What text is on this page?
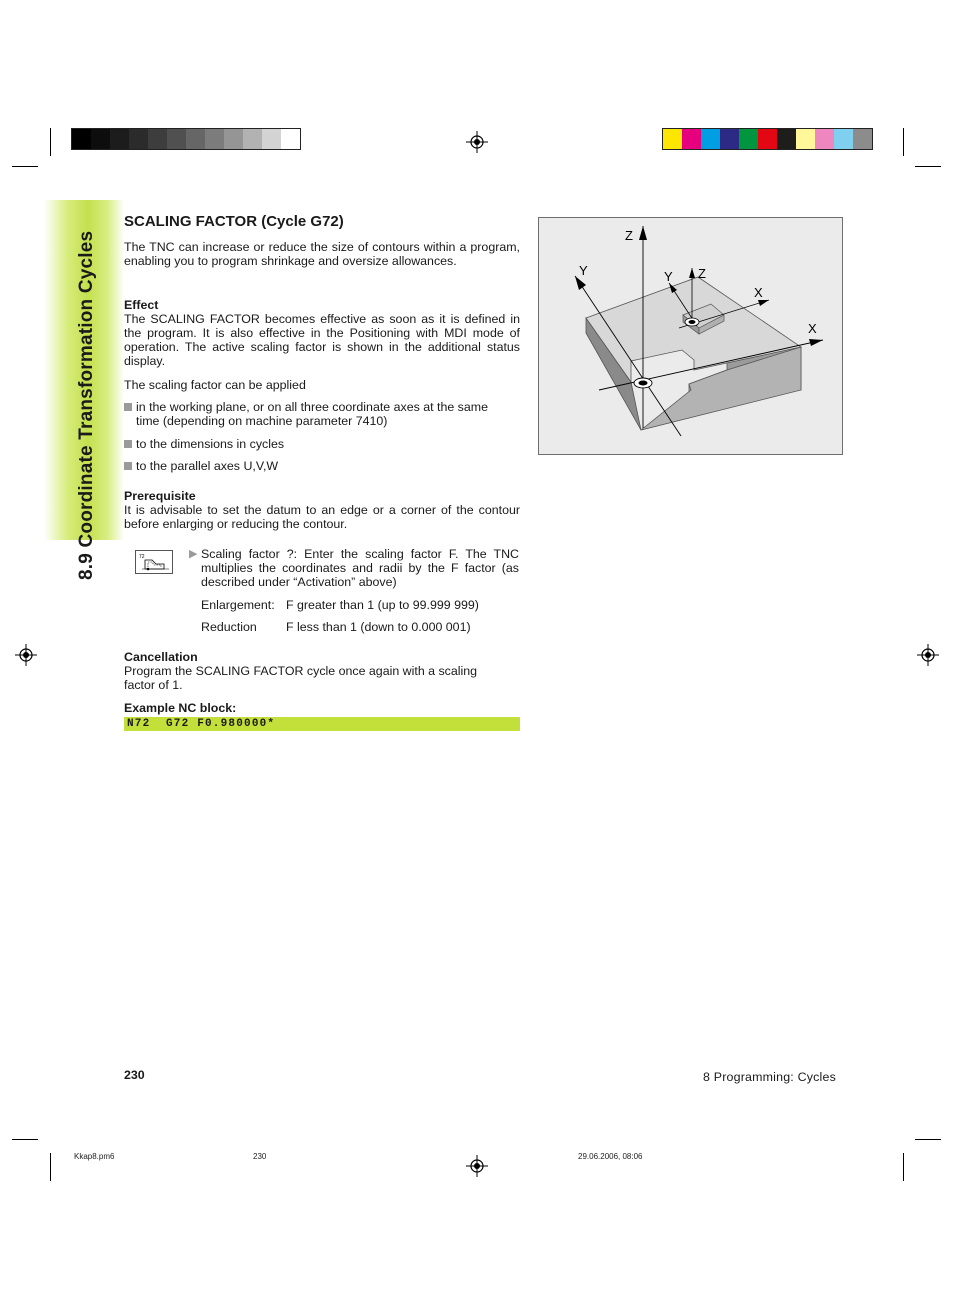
8.9 Coordinate Transformation Cycles
SCALING FACTOR (Cycle G72)
The TNC can increase or reduce the size of contours within a program, enabling you to program shrinkage and oversize allowances.
Effect
The SCALING FACTOR becomes effective as soon as it is defined in the program. It is also effective in the Positioning with MDI mode of operation. The active scaling factor is shown in the additional status display.
The scaling factor can be applied
in the working plane, or on all three coordinate axes at the same
time (depending on machine parameter 7410)
to the dimensions in cycles
to the parallel axes U,V,W
Prerequisite
It is advisable to set the datum to an edge or a corner of the contour before enlarging or reducing the contour.
72	▶ Scaling factor ?: Enter the scaling factor F. The TNC multiplies the coordinates and radii by the F factor (as described under “Activation” above)
Enlargement: F greater than 1 (up to 99.999 999)
Reduction F less than 1 (down to 0.000 001)
Cancellation
Program the SCALING FACTOR cycle once again with a scaling factor of 1.
Example NC block:
N72  G72 F0.980000*
Z
Y
X
Y Z
X
230	8 Programming: Cycles
Kkap8.pm6	230	29.06.2006, 08:06
